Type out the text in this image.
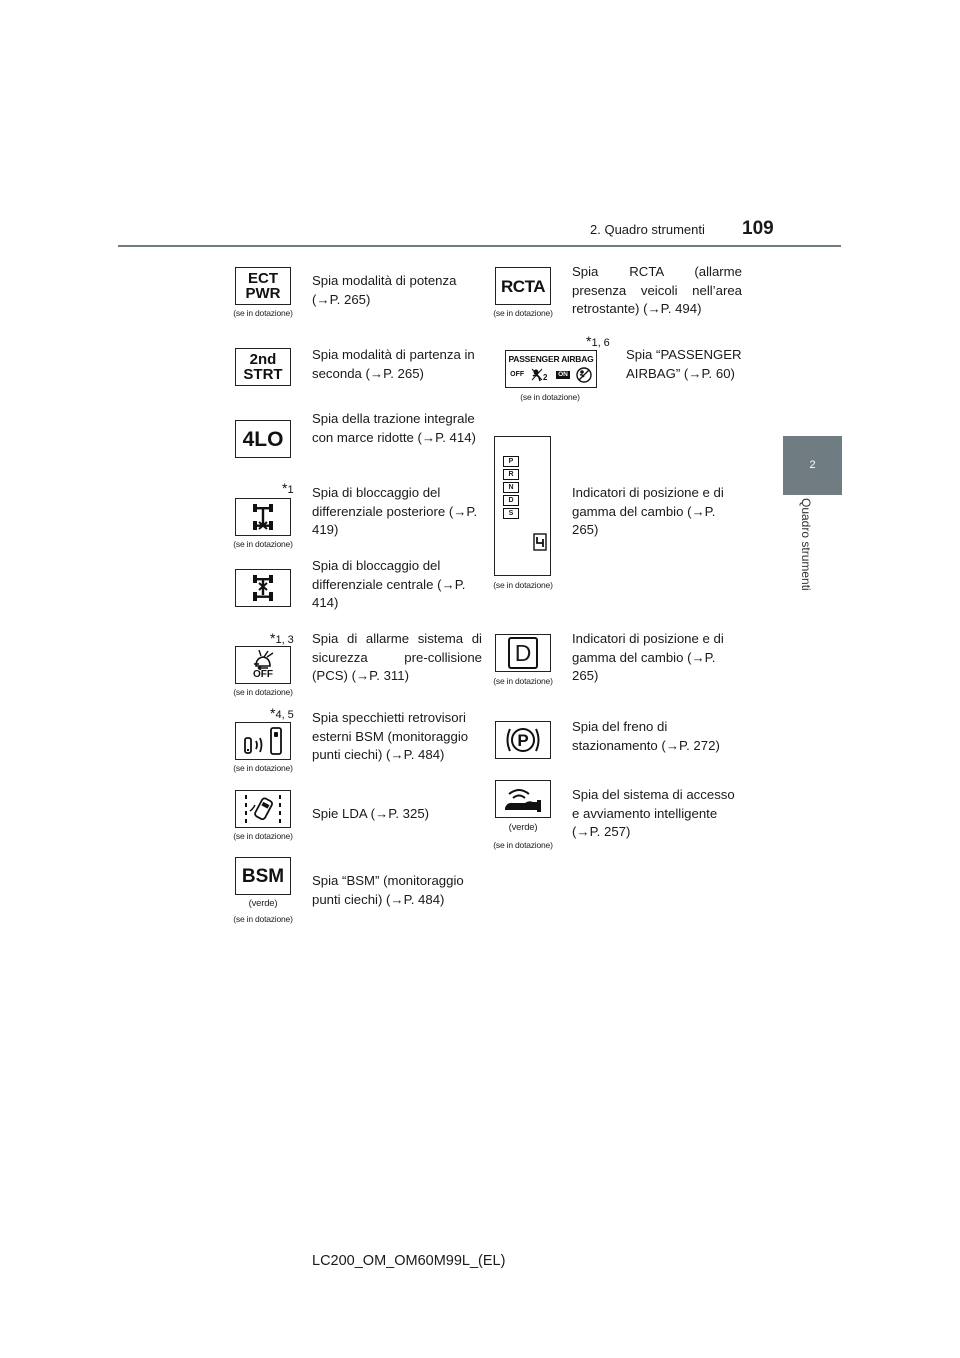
2. Quadro strumenti 109
2
Quadro strumenti
ECT
PWR
(se in dotazione)
Spia modalità di potenza (→P. 265)
2nd
STRT
Spia modalità di partenza in seconda (→P. 265)
4LO
Spia della trazione integrale con marce ridotte (→P. 414)
*1
(se in dotazione)
Spia di bloccaggio del differenziale posteriore (→P. 419)
Spia di bloccaggio del differenziale centrale (→P. 414)
*1, 3
OFF
(se in dotazione)
Spia di allarme sistema di sicurezza pre-collisione (PCS) (→P. 311)
*4, 5
(se in dotazione)
Spia specchietti retrovisori esterni BSM (monitoraggio punti ciechi) (→P. 484)
(se in dotazione)
Spie LDA (→P. 325)
BSM
(verde)
(se in dotazione)
Spia “BSM” (monitoraggio punti ciechi) (→P. 484)
RCTA
(se in dotazione)
Spia RCTA (allarme presenza veicoli nell’area retrostante) (→P. 494)
*1, 6
PASSENGER AIRBAG
OFF 2	ON
(se in dotazione)
Spia “PASSENGER AIRBAG” (→P. 60)
P
R
N
D
S
(se in dotazione)
Indicatori di posizione e di gamma del cambio (→P. 265)
D
(se in dotazione)
Indicatori di posizione e di gamma del cambio (→P. 265)
P
Spia del freno di stazionamento (→P. 272)
(verde)
(se in dotazione)
Spia del sistema di accesso e avviamento intelligente (→P. 257)
LC200_OM_OM60M99L_(EL)
